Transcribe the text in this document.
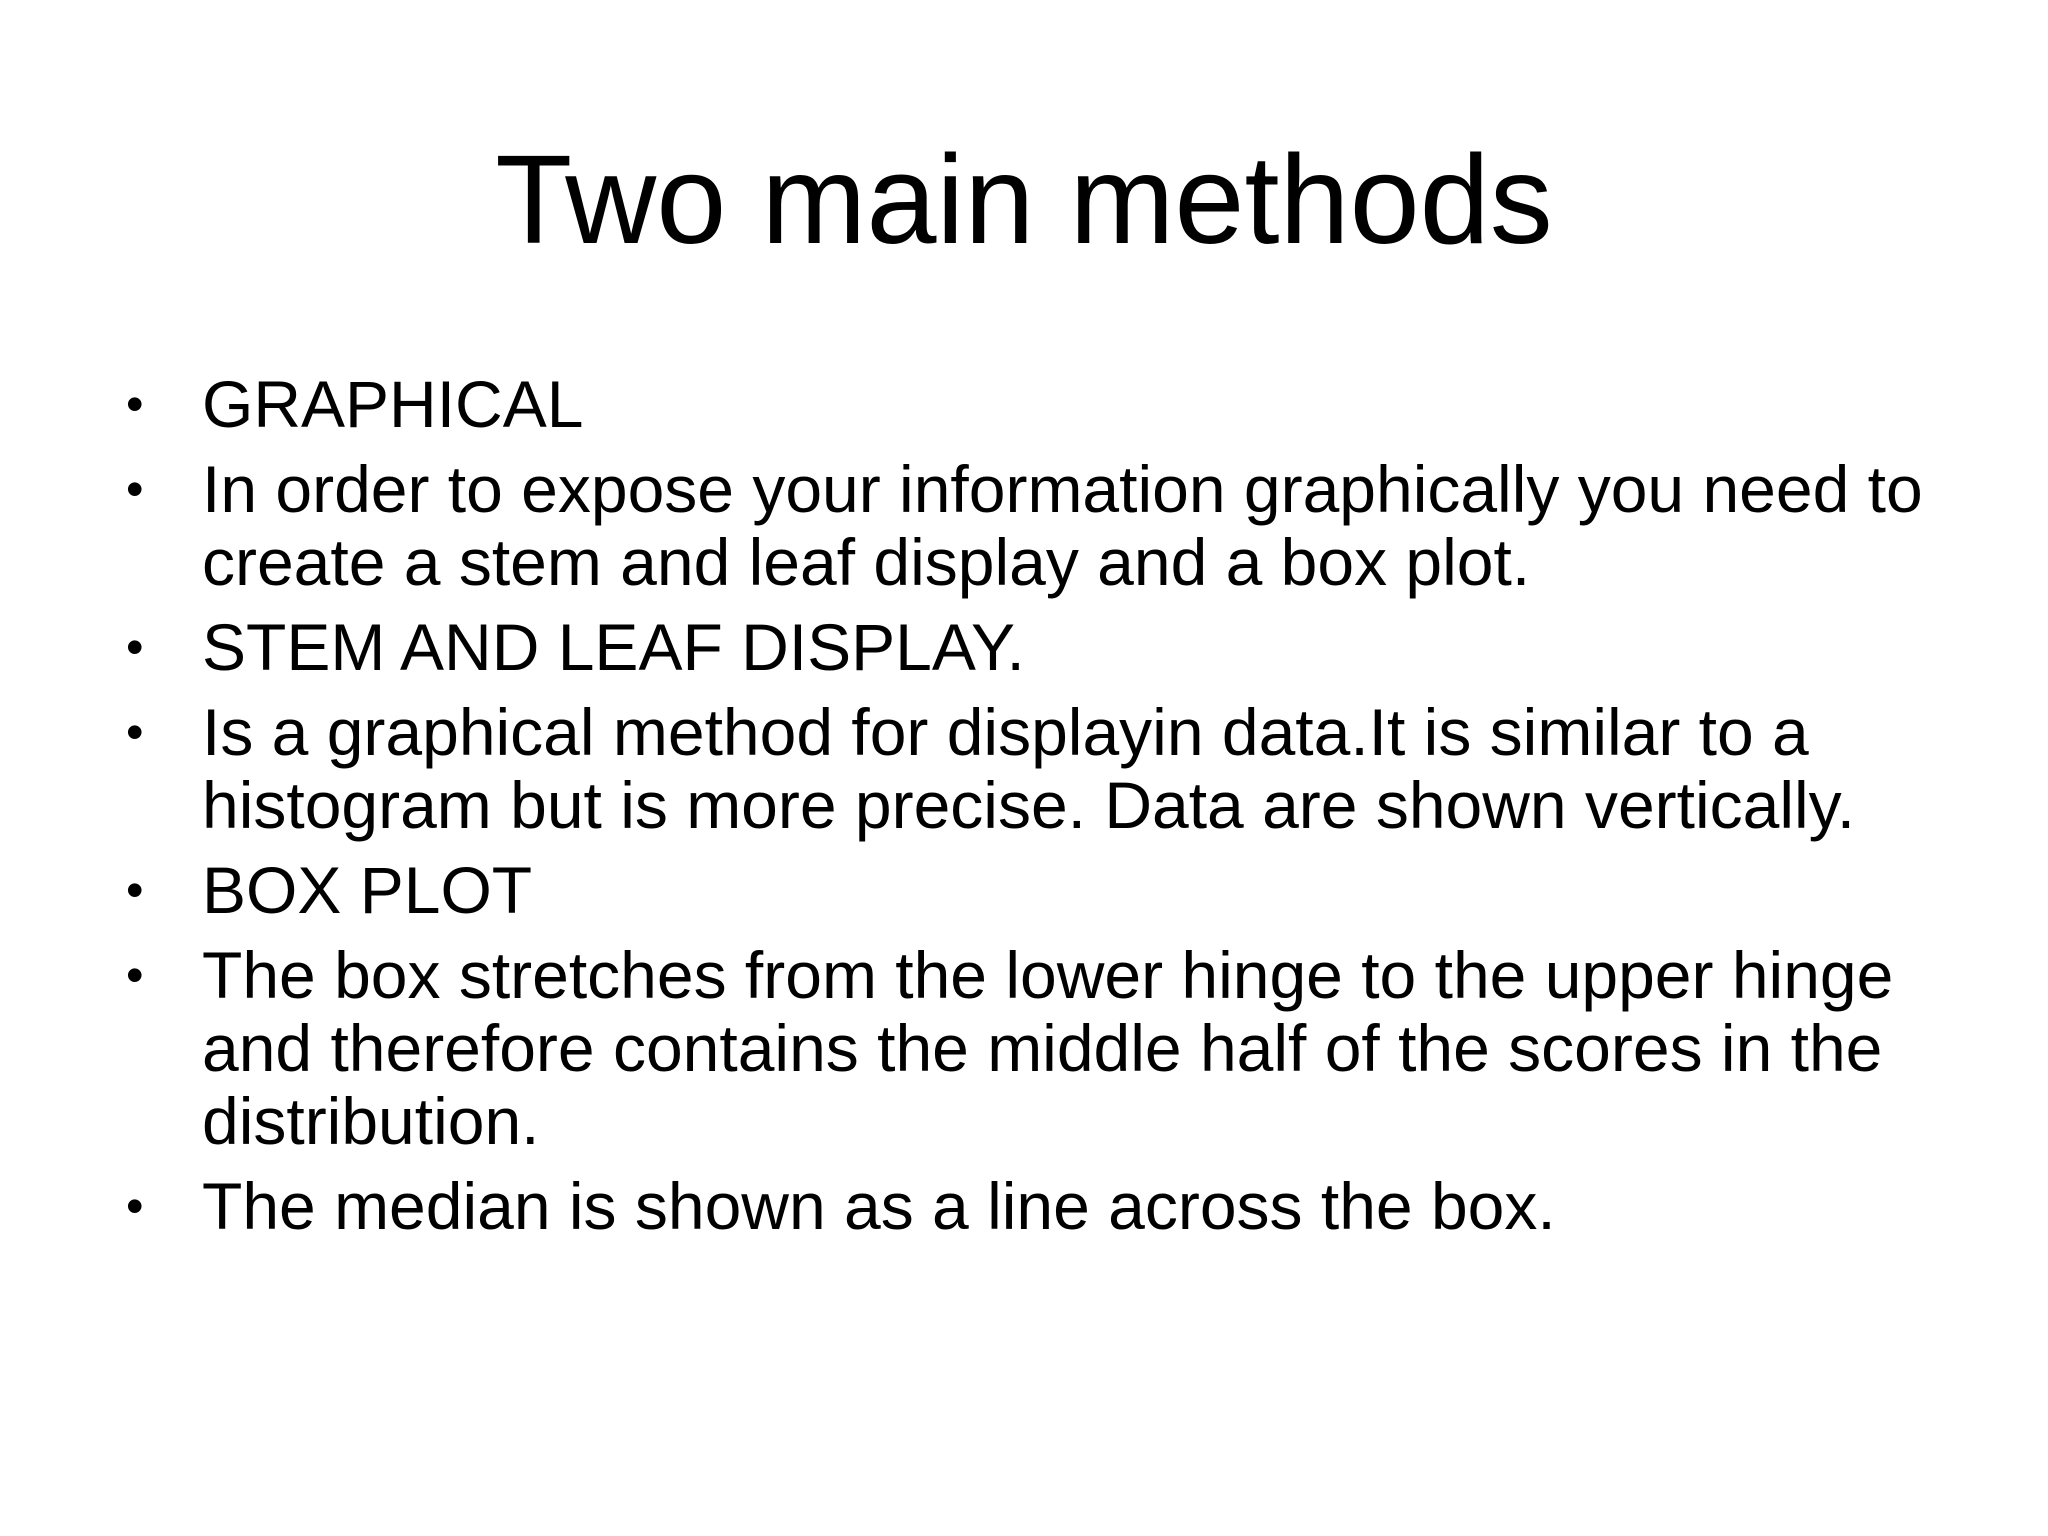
Two main methods
• GRAPHICAL
• In order to expose your information graphically you need to create a stem and leaf display and a box plot.
• STEM AND LEAF DISPLAY.
• Is a graphical method for displayin data.It is similar to a histogram but is more precise. Data are shown vertically.
• BOX PLOT
• The box stretches from the lower hinge to the upper hinge and therefore contains the middle half of the scores in the distribution.
• The median is shown as a line across the box.
